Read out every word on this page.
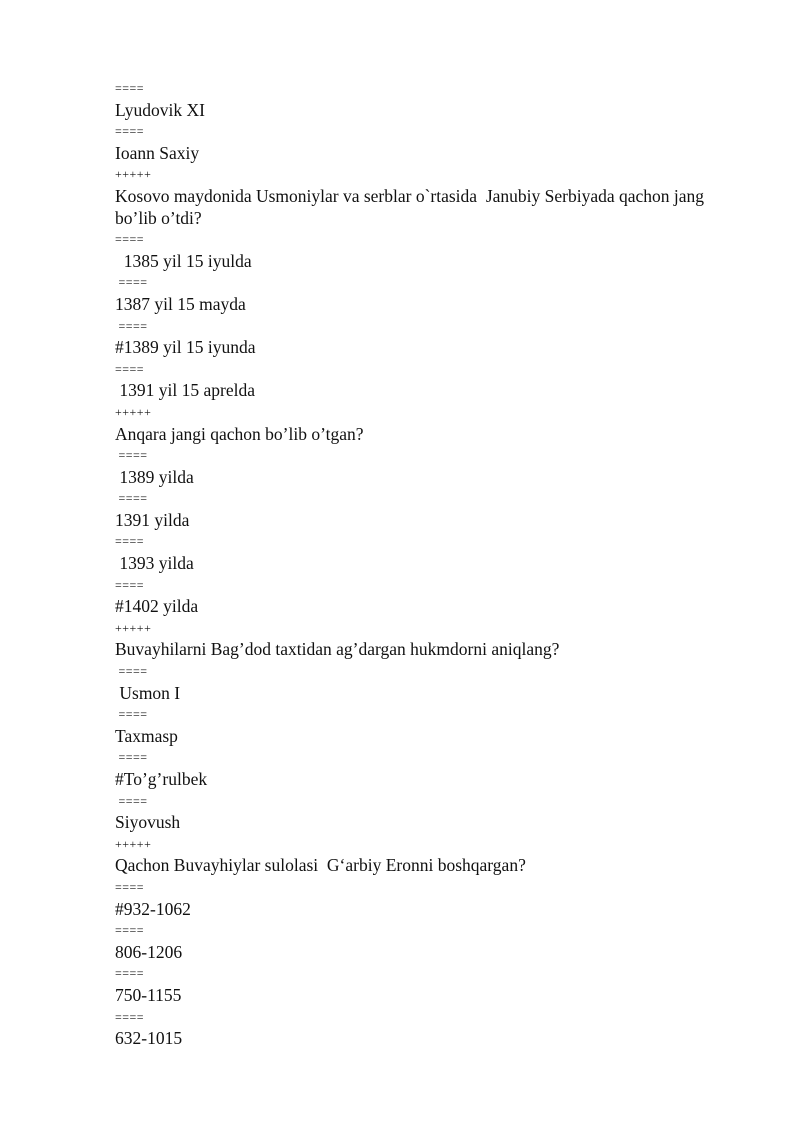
====
Lyudovik XI
====
Ioann Saxiy
+++++
Kosovo maydonida Usmoniylar va serblar o`rtasida  Janubiy Serbiyada qachon jang bo’lib o’tdi?
====
1385 yil 15 iyulda
====
1387 yil 15 mayda
====
#1389 yil 15 iyunda
====
1391 yil 15 aprelda
+++++
Anqara jangi qachon bo’lib o’tgan?
====
1389 yilda
====
1391 yilda
====
1393 yilda
====
#1402 yilda
+++++
Buvayhilarni Bag’dod taxtidan ag’dargan hukmdorni aniqlang?
====
Usmon I
====
Taxmasp
====
#To’g’rulbek
====
Siyovush
+++++
Qachon Buvayhiylar sulolasi  G‘arbiy Eronni boshqargan?
====
#932-1062
====
806-1206
====
750-1155
====
632-1015
